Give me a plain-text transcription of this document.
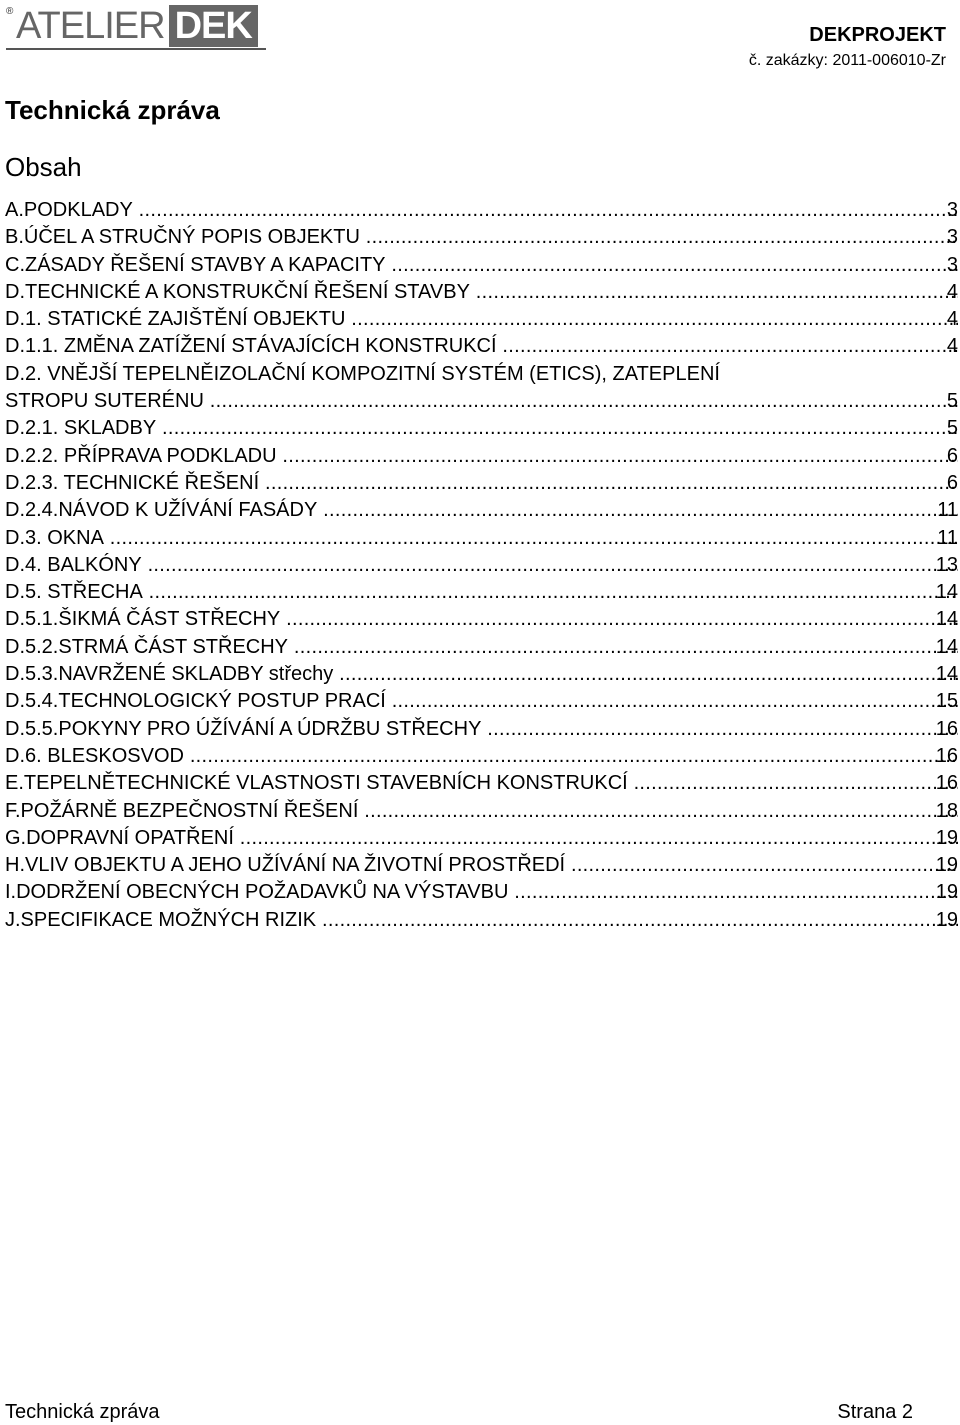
® ATELIER DEK	DEKPROJEKT
č. zakázky: 2011-006010-Zr
Technická zpráva
Obsah
3
A.PODKLADY .....
3
B.ÚČEL A STRUČNÝ POPIS OBJEKTU .....
3
C.ZÁSADY ŘEŠENÍ STAVBY A KAPACITY .....
4
D.TECHNICKÉ A KONSTRUKČNÍ ŘEŠENÍ STAVBY .....
4
D.1. STATICKÉ ZAJIŠTĚNÍ OBJEKTU .....
4
D.1.1. ZMĚNA ZATÍŽENÍ STÁVAJÍCÍCH KONSTRUKCÍ .....
D.2. VNĚJŠÍ TEPELNĚIZOLAČNÍ KOMPOZITNÍ SYSTÉM (ETICS), ZATEPLENÍ
5
STROPU SUTERÉNU .....
5
D.2.1. SKLADBY .....
6
D.2.2. PŘÍPRAVA PODKLADU .....
6
D.2.3. TECHNICKÉ ŘEŠENÍ .....
11
D.2.4.NÁVOD K UŽÍVÁNÍ FASÁDY .....
11
D.3. OKNA .....
13
D.4. BALKÓNY .....
14
D.5. STŘECHA .....
14
D.5.1.ŠIKMÁ ČÁST STŘECHY .....
14
D.5.2.STRMÁ ČÁST STŘECHY .....
14
D.5.3.NAVRŽENÉ SKLADBY střechy .....
15
D.5.4.TECHNOLOGICKÝ POSTUP PRACÍ .....
16
D.5.5.POKYNY PRO ÚŽÍVÁNÍ A ÚDRŽBU STŘECHY .....
16
D.6. BLESKOSVOD .....
16
E.TEPELNĚTECHNICKÉ VLASTNOSTI STAVEBNÍCH KONSTRUKCÍ .....
18
F.POŽÁRNĚ BEZPEČNOSTNÍ ŘEŠENÍ .....
19
G.DOPRAVNÍ OPATŘENÍ .....
19
H.VLIV OBJEKTU A JEHO UŽÍVÁNÍ NA ŽIVOTNÍ PROSTŘEDÍ .....
19
I.DODRŽENÍ OBECNÝCH POŽADAVKŮ NA VÝSTAVBU .....
19
J.SPECIFIKACE MOŽNÝCH RIZIK .....
Technická zpráva	Strana 2
